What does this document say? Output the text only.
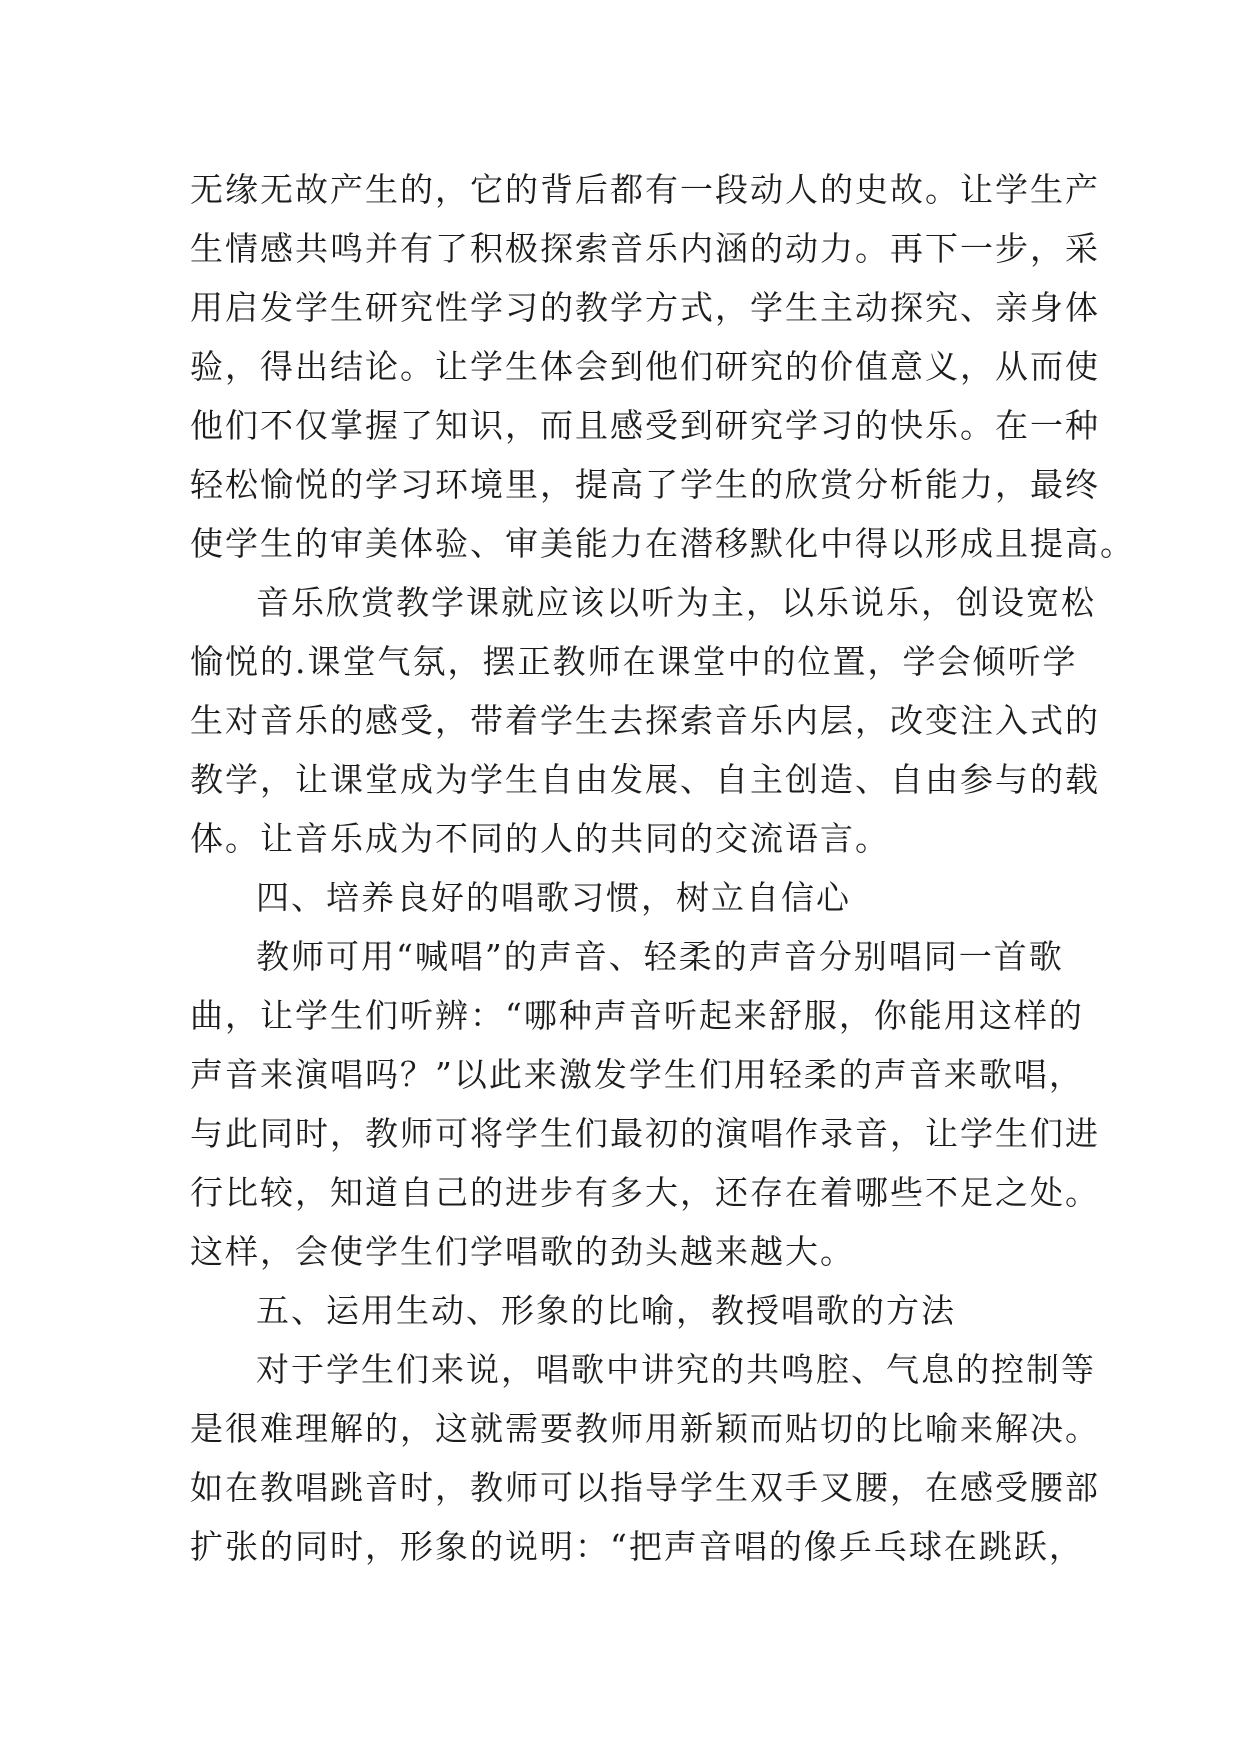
无缘无故产生的，它的背后都有一段动人的史故。让学生产
生情感共鸣并有了积极探索音乐内涵的动力。再下一步，采
用启发学生研究性学习的教学方式，学生主动探究、亲身体
验，得出结论。让学生体会到他们研究的价值意义，从而使
他们不仅掌握了知识，而且感受到研究学习的快乐。在一种
轻松愉悦的学习环境里，提高了学生的欣赏分析能力，最终
使学生的审美体验、审美能力在潜移默化中得以形成且提高。
音乐欣赏教学课就应该以听为主，以乐说乐，创设宽松
愉悦的.课堂气氛，摆正教师在课堂中的位置，学会倾听学
生对音乐的感受，带着学生去探索音乐内层，改变注入式的
教学，让课堂成为学生自由发展、自主创造、自由参与的载
体。让音乐成为不同的人的共同的交流语言。
四、培养良好的唱歌习惯，树立自信心
教师可用“喊唱”的声音、轻柔的声音分别唱同一首歌
曲，让学生们听辨：“哪种声音听起来舒服，你能用这样的
声音来演唱吗？”以此来激发学生们用轻柔的声音来歌唱，
与此同时，教师可将学生们最初的演唱作录音，让学生们进
行比较，知道自己的进步有多大，还存在着哪些不足之处。
这样，会使学生们学唱歌的劲头越来越大。
五、运用生动、形象的比喻，教授唱歌的方法
对于学生们来说，唱歌中讲究的共鸣腔、气息的控制等
是很难理解的，这就需要教师用新颖而贴切的比喻来解决。
如在教唱跳音时，教师可以指导学生双手叉腰，在感受腰部
扩张的同时，形象的说明：“把声音唱的像乒乓球在跳跃，
